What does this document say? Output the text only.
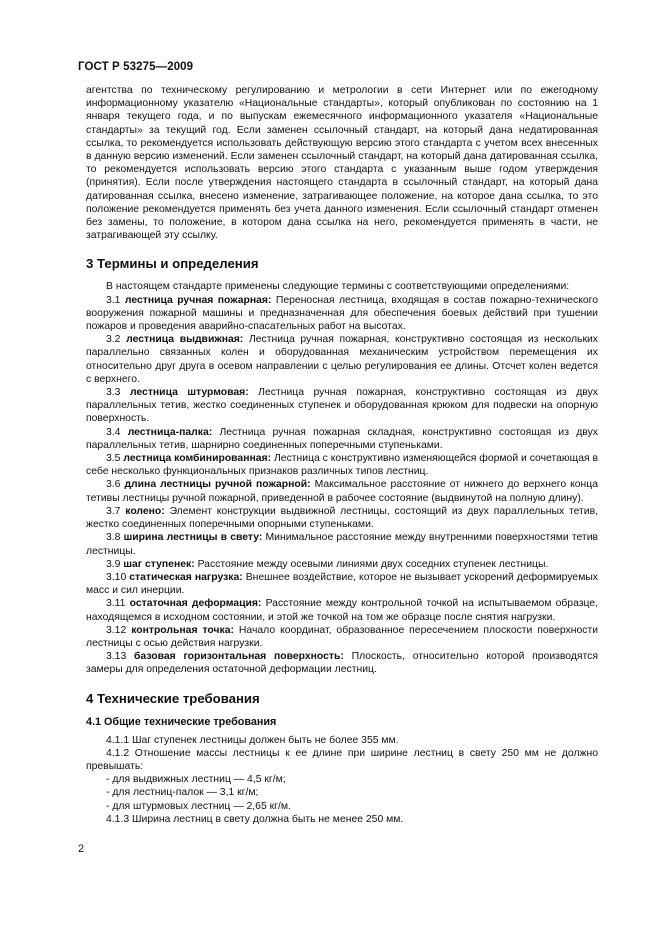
ГОСТ Р 53275—2009

агентства по техническому регулированию и метрологии в сети Интернет или по ежегодному информационному указателю «Национальные стандарты», который опубликован по состоянию на 1 января текущего года, и по выпускам ежемесячного информационного указателя «Национальные стандарты» за текущий год. Если заменен ссылочный стандарт, на который дана недатированная ссылка, то рекомендуется использовать действующую версию этого стандарта с учетом всех внесенных в данную версию изменений. Если заменен ссылочный стандарт, на который дана датированная ссылка, то рекомендуется использовать версию этого стандарта с указанным выше годом утверждения (принятия). Если после утверждения настоящего стандарта в ссылочный стандарт, на который дана датированная ссылка, внесено изменение, затрагивающее положение, на которое дана ссылка, то это положение рекомендуется применять без учета данного изменения. Если ссылочный стандарт отменен без замены, то положение, в котором дана ссылка на него, рекомендуется применять в части, не затрагивающей эту ссылку.

3 Термины и определения

В настоящем стандарте применены следующие термины с соответствующими определениями:

3.1 лестница ручная пожарная: Переносная лестница, входящая в состав пожарно-технического вооружения пожарной машины и предназначенная для обеспечения боевых действий при тушении пожаров и проведения аварийно-спасательных работ на высотах.

3.2 лестница выдвижная: Лестница ручная пожарная, конструктивно состоящая из нескольких параллельно связанных колен и оборудованная механическим устройством перемещения их относительно друг друга в осевом направлении с целью регулирования ее длины. Отсчет колен ведется с верхнего.

3.3 лестница штурмовая: Лестница ручная пожарная, конструктивно состоящая из двух параллельных тетив, жестко соединенных ступенек и оборудованная крюком для подвески на опорную поверхность.

3.4 лестница-палка: Лестница ручная пожарная складная, конструктивно состоящая из двух параллельных тетив, шарнирно соединенных поперечными ступеньками.

3.5 лестница комбинированная: Лестница с конструктивно изменяющейся формой и сочетающая в себе несколько функциональных признаков различных типов лестниц.

3.6 длина лестницы ручной пожарной: Максимальное расстояние от нижнего до верхнего конца тетивы лестницы ручной пожарной, приведенной в рабочее состояние (выдвинутой на полную длину).

3.7 колено: Элемент конструкции выдвижной лестницы, состоящий из двух параллельных тетив, жестко соединенных поперечными опорными ступеньками.

3.8 ширина лестницы в свету: Минимальное расстояние между внутренними поверхностями тетив лестницы.

3.9 шаг ступенек: Расстояние между осевыми линиями двух соседних ступенек лестницы.

3.10 статическая нагрузка: Внешнее воздействие, которое не вызывает ускорений деформируемых масс и сил инерции.

3.11 остаточная деформация: Расстояние между контрольной точкой на испытываемом образце, находящемся в исходном состоянии, и этой же точкой на том же образце после снятия нагрузки.

3.12 контрольная точка: Начало координат, образованное пересечением плоскости поверхности лестницы с осью действия нагрузки.

3.13 базовая горизонтальная поверхность: Плоскость, относительно которой производятся замеры для определения остаточной деформации лестниц.

4 Технические требования

4.1 Общие технические требования

4.1.1 Шаг ступенек лестницы должен быть не более 355 мм.

4.1.2 Отношение массы лестницы к ее длине при ширине лестниц в свету 250 мм не должно превышать:

- для выдвижных лестниц — 4,5 кг/м;

- для лестниц-палок — 3,1 кг/м;

- для штурмовых лестниц — 2,65 кг/м.

4.1.3 Ширина лестниц в свету должна быть не менее 250 мм.

2
